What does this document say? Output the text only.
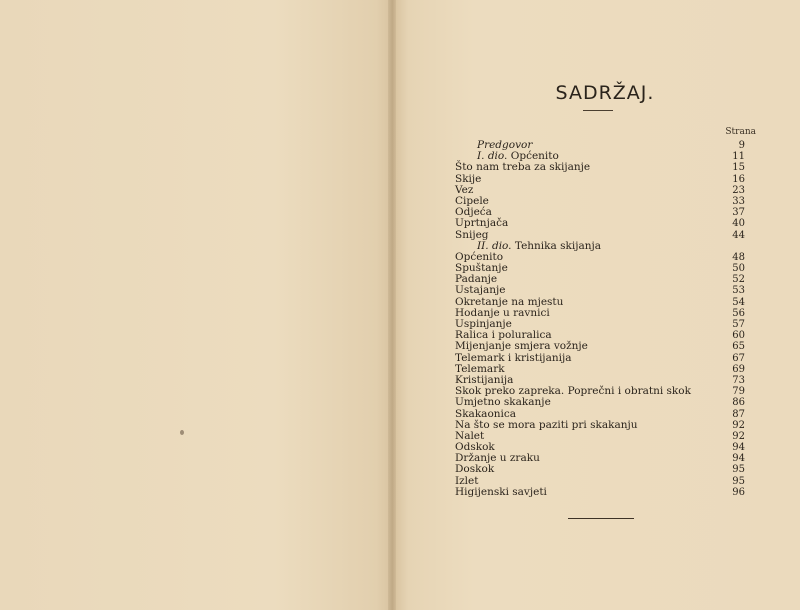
SADRŽAJ.
Strana
Predgovor	9
I. dio. Općenito	11
Što nam treba za skijanje	15
Skije	16
Vez	23
Cipele	33
Odjeća	37
Uprtnjača	40
Snijeg	44
II. dio. Tehnika skijanja
Općenito	48
Spuštanje	50
Padanje	52
Ustajanje	53
Okretanje na mjestu	54
Hodanje u ravnici	56
Uspinjanje	57
Ralica i poluralica	60
Mijenjanje smjera vožnje	65
Telemark i kristijanija	67
Telemark	69
Kristijanija	73
Skok preko zapreka. Poprečni i obratni skok	79
Umjetno skakanje	86
Skakaonica	87
Na što se mora paziti pri skakanju	92
Nalet	92
Odskok	94
Držanje u zraku	94
Doskok	95
Izlet	95
Higijenski savjeti	96
